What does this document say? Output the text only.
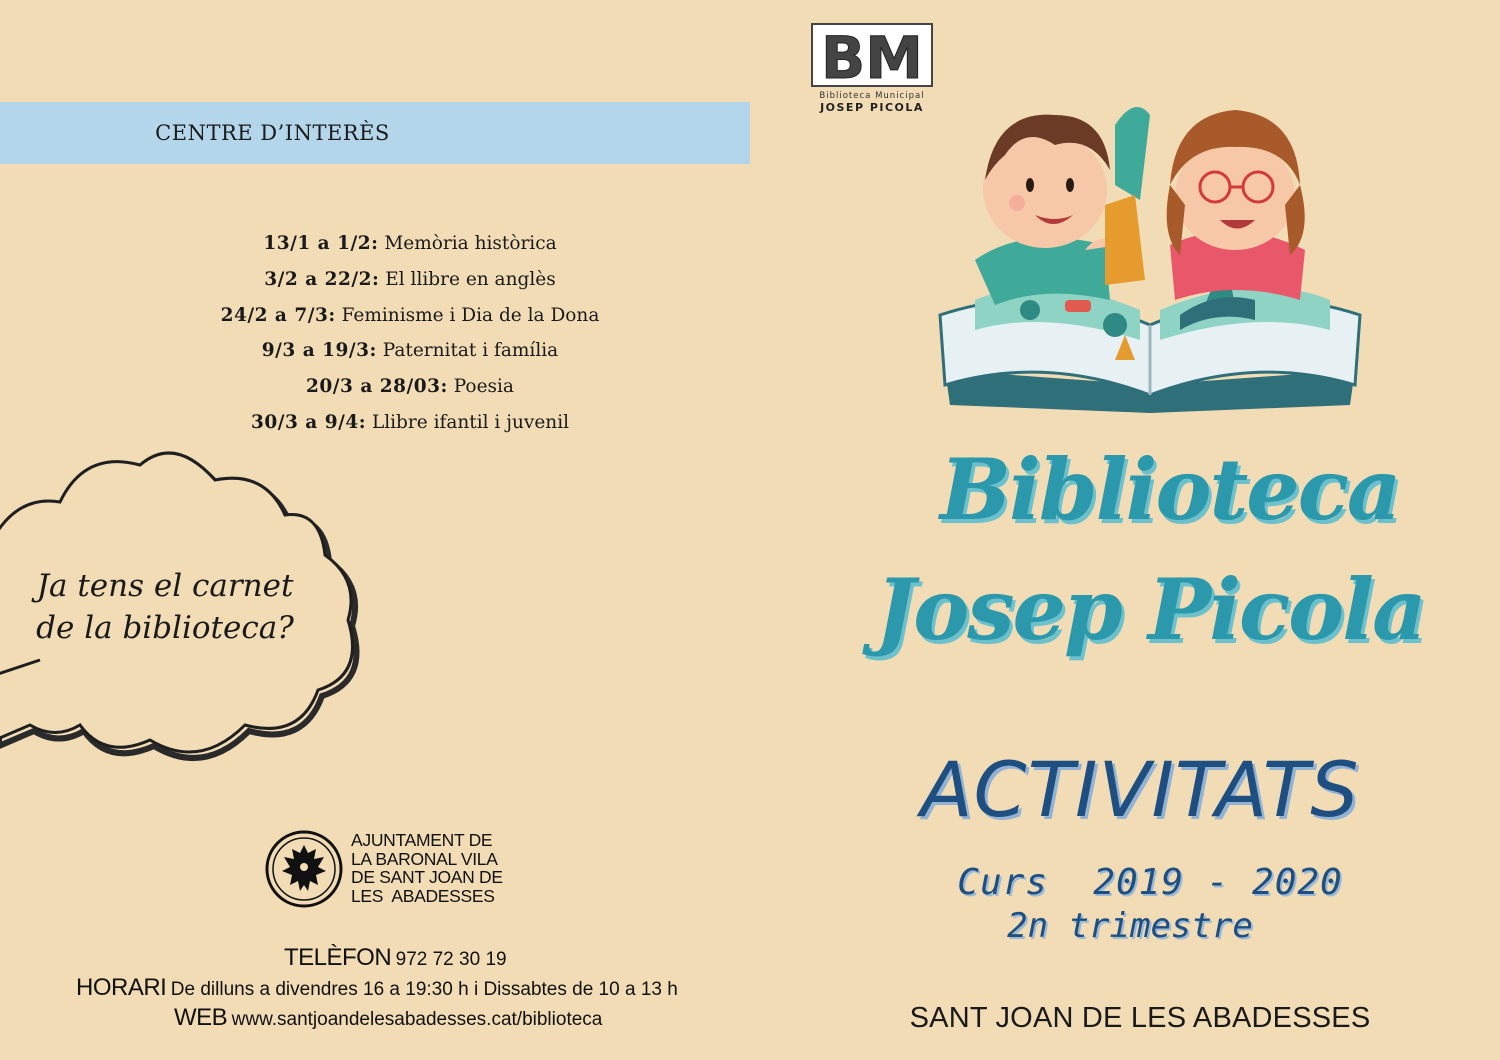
CENTRE D’INTERÈS
13/1 a 1/2: Memòria històrica
3/2 a 22/2: El llibre en anglès
24/2 a 7/3: Feminisme i Dia de la Dona
9/3 a 19/3: Paternitat i família
20/3 a 28/03: Poesia
30/3 a 9/4: Llibre ifantil i juvenil
Ja tens el carnet
de la biblioteca?
AJUNTAMENT DE
LA BARONAL VILA
DE SANT JOAN DE
LES  ABADESSES
TELÈFON 972 72 30 19
HORARI De dilluns a divendres 16 a 19:30 h i Dissabtes de 10 a 13 h
WEB www.santjoandelesabadesses.cat/biblioteca
BM
Biblioteca Municipal
JOSEP PICOLA
Biblioteca
Josep Picola
ACTIVITATS
Curs  2019 - 2020
2n trimestre
SANT JOAN DE LES ABADESSES
